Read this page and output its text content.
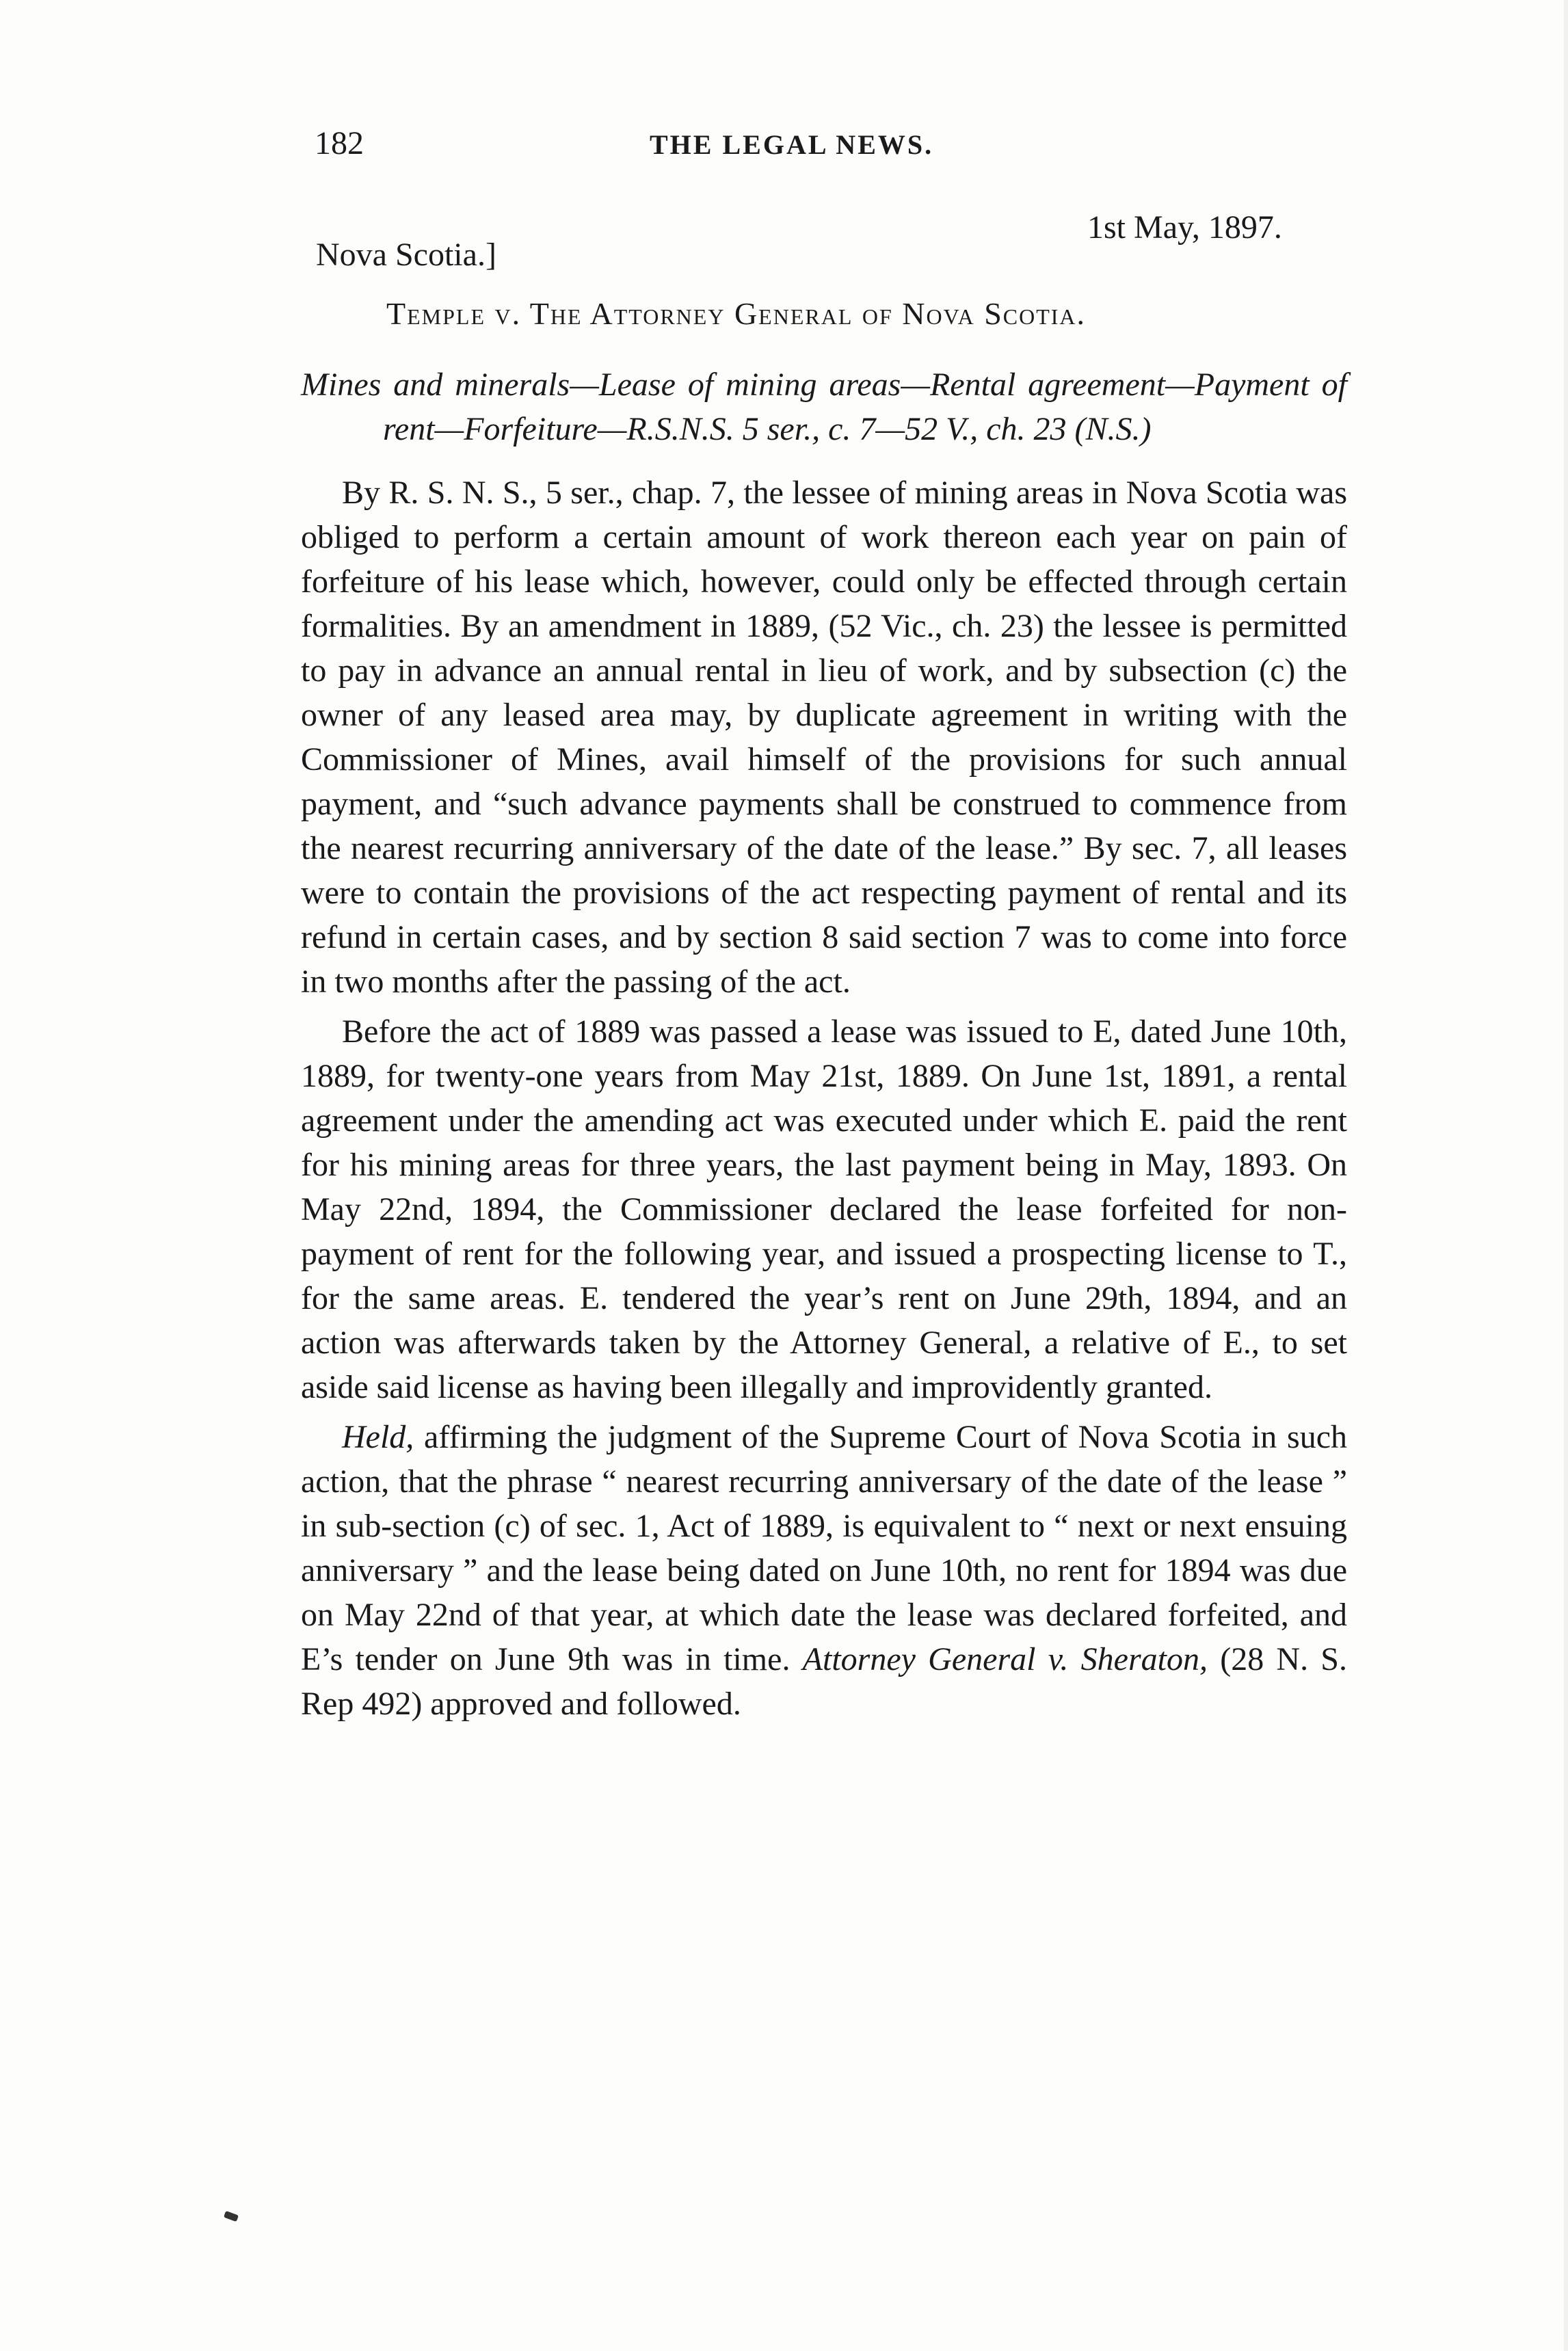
182	THE LEGAL NEWS.
1st May, 1897.
Nova Scotia.]
Temple v. The Attorney General of Nova Scotia.

Mines and minerals—Lease of mining areas—Rental agreement—Payment of rent—Forfeiture—R.S.N.S. 5 ser., c. 7—52 V., ch. 23 (N.S.)

By R. S. N. S., 5 ser., chap. 7, the lessee of mining areas in Nova Scotia was obliged to perform a certain amount of work thereon each year on pain of forfeiture of his lease which, however, could only be effected through certain formalities. By an amendment in 1889, (52 Vic., ch. 23) the lessee is permitted to pay in advance an annual rental in lieu of work, and by subsection (c) the owner of any leased area may, by duplicate agreement in writing with the Commissioner of Mines, avail himself of the provisions for such annual payment, and “such advance payments shall be construed to commence from the nearest recurring anniversary of the date of the lease.” By sec. 7, all leases were to contain the provisions of the act respecting payment of rental and its refund in certain cases, and by section 8 said section 7 was to come into force in two months after the passing of the act.

Before the act of 1889 was passed a lease was issued to E, dated June 10th, 1889, for twenty-one years from May 21st, 1889. On June 1st, 1891, a rental agreement under the amending act was executed under which E. paid the rent for his mining areas for three years, the last payment being in May, 1893. On May 22nd, 1894, the Commissioner declared the lease forfeited for non-payment of rent for the following year, and issued a prospecting license to T., for the same areas. E. tendered the year’s rent on June 29th, 1894, and an action was afterwards taken by the Attorney General, a relative of E., to set aside said license as having been illegally and improvidently granted.

Held, affirming the judgment of the Supreme Court of Nova Scotia in such action, that the phrase “ nearest recurring anniversary of the date of the lease ” in sub-section (c) of sec. 1, Act of 1889, is equivalent to “ next or next ensuing anniversary ” and the lease being dated on June 10th, no rent for 1894 was due on May 22nd of that year, at which date the lease was declared forfeited, and E’s tender on June 9th was in time. Attorney General v. Sheraton, (28 N. S. Rep 492) approved and followed.
